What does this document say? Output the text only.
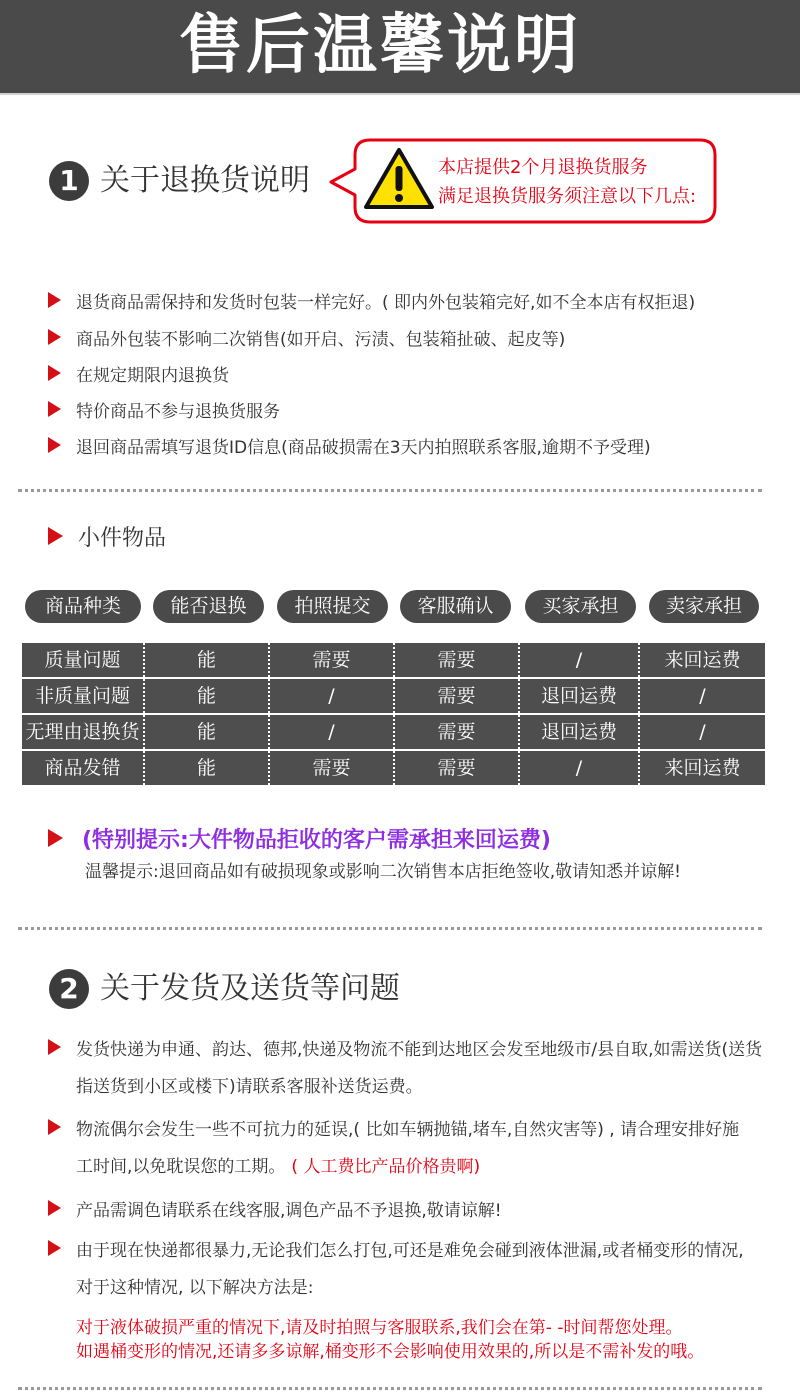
售后温馨说明
1 关于退换货说明	本店提供2个月退换货服务
满足退换货服务须注意以下几点:
退货商品需保持和发货时包装一样完好。( 即内外包装箱完好,如不全本店有权拒退)
商品外包装不影响二次销售(如开启、污渍、包装箱扯破、起皮等)
在规定期限内退换货
特价商品不参与退换货服务
退回商品需填写退货ID信息(商品破损需在3天内拍照联系客服,逾期不予受理)
小件物品
商品种类	能否退换	拍照提交	客服确认	买家承担	卖家承担
质量问题	能	需要	需要	/	来回运费
非质量问题	能	/	需要	退回运费	/
无理由退换货	能	/	需要	退回运费	/
商品发错	能	需要	需要	/	来回运费
(特别提示:大件物品拒收的客户需承担来回运费)
温馨提示:退回商品如有破损现象或影响二次销售本店拒绝签收,敬请知悉并谅解!
2 关于发货及送货等问题
发货快递为申通、韵达、德邦,快递及物流不能到达地区会发至地级市/县自取,如需送货(送货
指送货到小区或楼下)请联系客服补送货运费。
物流偶尔会发生一些不可抗力的延误,( 比如车辆抛锚,堵车,自然灾害等) , 请合理安排好施
工时间,以免耽误您的工期。 ( 人工费比产品价格贵啊)
产品需调色请联系在线客服,调色产品不予退换,敬请谅解!
由于现在快递都很暴力,无论我们怎么打包,可还是难免会碰到液体泄漏,或者桶变形的情况,
对于这种情况, 以下解决方法是:
对于液体破损严重的情况下,请及时拍照与客服联系,我们会在第- -时间帮您处理。
如遇桶变形的情况,还请多多谅解,桶变形不会影响使用效果的,所以是不需补发的哦。
